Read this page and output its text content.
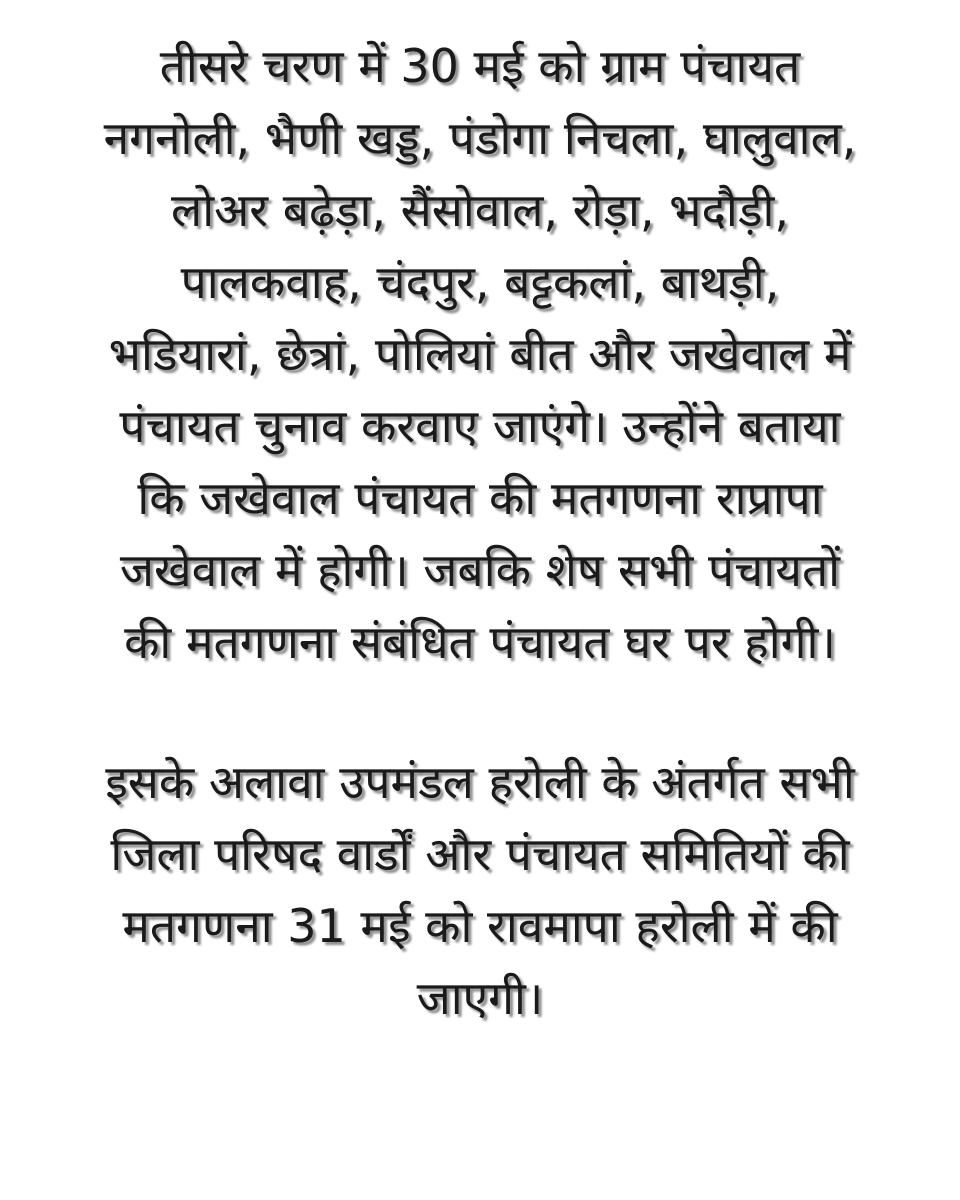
तीसरे चरण में 30 मई को ग्राम पंचायत
नगनोली, भैणी खड्ड, पंडोगा निचला, घालुवाल,
लोअर बढ़ेड़ा, सैंसोवाल, रोड़ा, भदौड़ी,
पालकवाह, चंदपुर, बट्टकलां, बाथड़ी,
भडियारां, छेत्रां, पोलियां बीत और जखेवाल में
पंचायत चुनाव करवाए जाएंगे। उन्होंने बताया
कि जखेवाल पंचायत की मतगणना राप्रापा
जखेवाल में होगी। जबकि शेष सभी पंचायतों
की मतगणना संबंधित पंचायत घर पर होगी।
इसके अलावा उपमंडल हरोली के अंतर्गत सभी
जिला परिषद वार्डों और पंचायत समितियों की
मतगणना 31 मई को रावमापा हरोली में की
जाएगी।
